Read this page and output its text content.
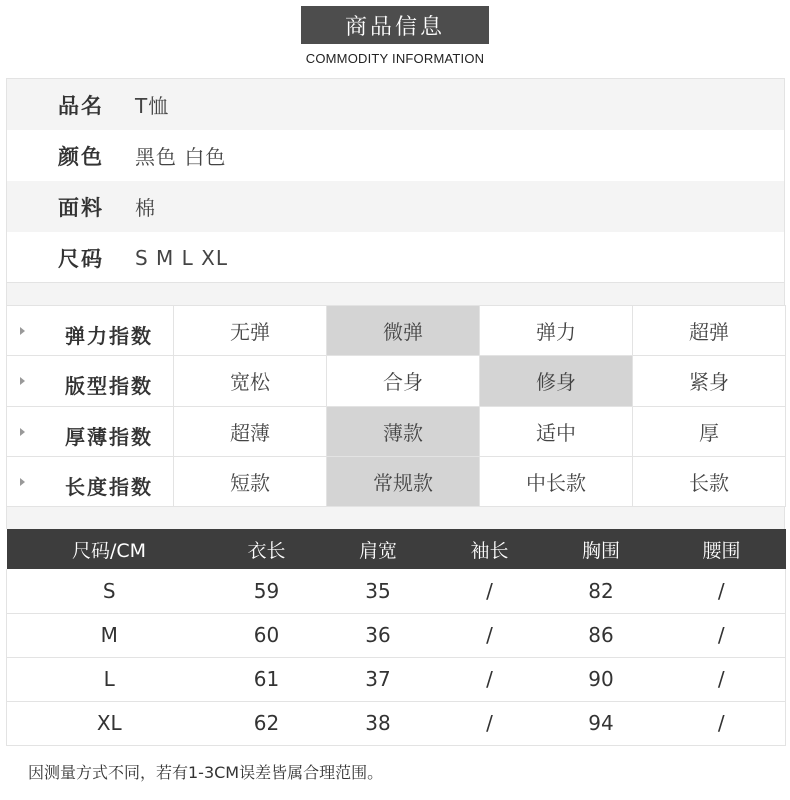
商品信息
COMMODITY INFORMATION
品名 T恤
颜色 黑色 白色
面料 棉
尺码 S M L XL
弹力指数	无弹	微弹	弹力	超弹

版型指数	宽松	合身	修身	紧身

厚薄指数	超薄	薄款	适中	厚

长度指数	短款	常规款	中长款	长款
尺码/CM	衣长	肩宽	袖长	胸围	腰围
S	59	35	/	82	/
M	60	36	/	86	/
L	61	37	/	90	/
XL	62	38	/	94	/
因测量方式不同，若有1-3CM误差皆属合理范围。
